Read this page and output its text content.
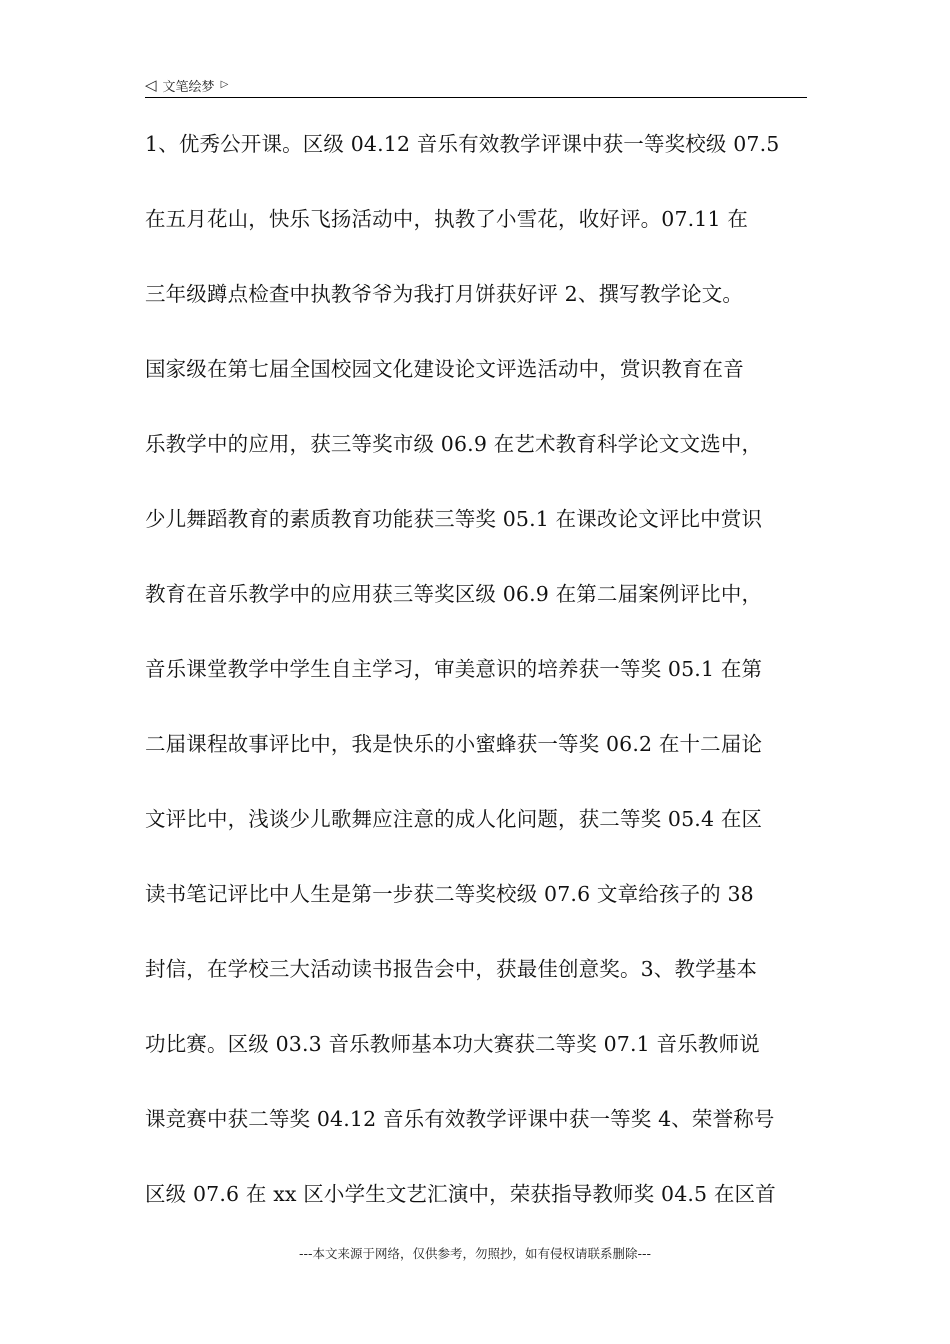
◁ 文笔绘梦 ▷
1、优秀公开课。区级 04.12 音乐有效教学评课中获一等奖校级 07.5
在五月花山，快乐飞扬活动中，执教了小雪花，收好评。07.11 在
三年级蹲点检查中执教爷爷为我打月饼获好评 2、撰写教学论文。
国家级在第七届全国校园文化建设论文评选活动中，赏识教育在音
乐教学中的应用，获三等奖市级 06.9 在艺术教育科学论文文选中，
少儿舞蹈教育的素质教育功能获三等奖 05.1 在课改论文评比中赏识
教育在音乐教学中的应用获三等奖区级 06.9 在第二届案例评比中，
音乐课堂教学中学生自主学习，审美意识的培养获一等奖 05.1 在第
二届课程故事评比中，我是快乐的小蜜蜂获一等奖 06.2 在十二届论
文评比中，浅谈少儿歌舞应注意的成人化问题，获二等奖 05.4 在区
读书笔记评比中人生是第一步获二等奖校级 07.6 文章给孩子的 38
封信，在学校三大活动读书报告会中，获最佳创意奖。3、教学基本
功比赛。区级 03.3 音乐教师基本功大赛获二等奖 07.1 音乐教师说
课竞赛中获二等奖 04.12 音乐有效教学评课中获一等奖 4、荣誉称号
区级 07.6 在 xx 区小学生文艺汇演中，荣获指导教师奖 04.5 在区首
---本文来源于网络，仅供参考，勿照抄，如有侵权请联系删除---
